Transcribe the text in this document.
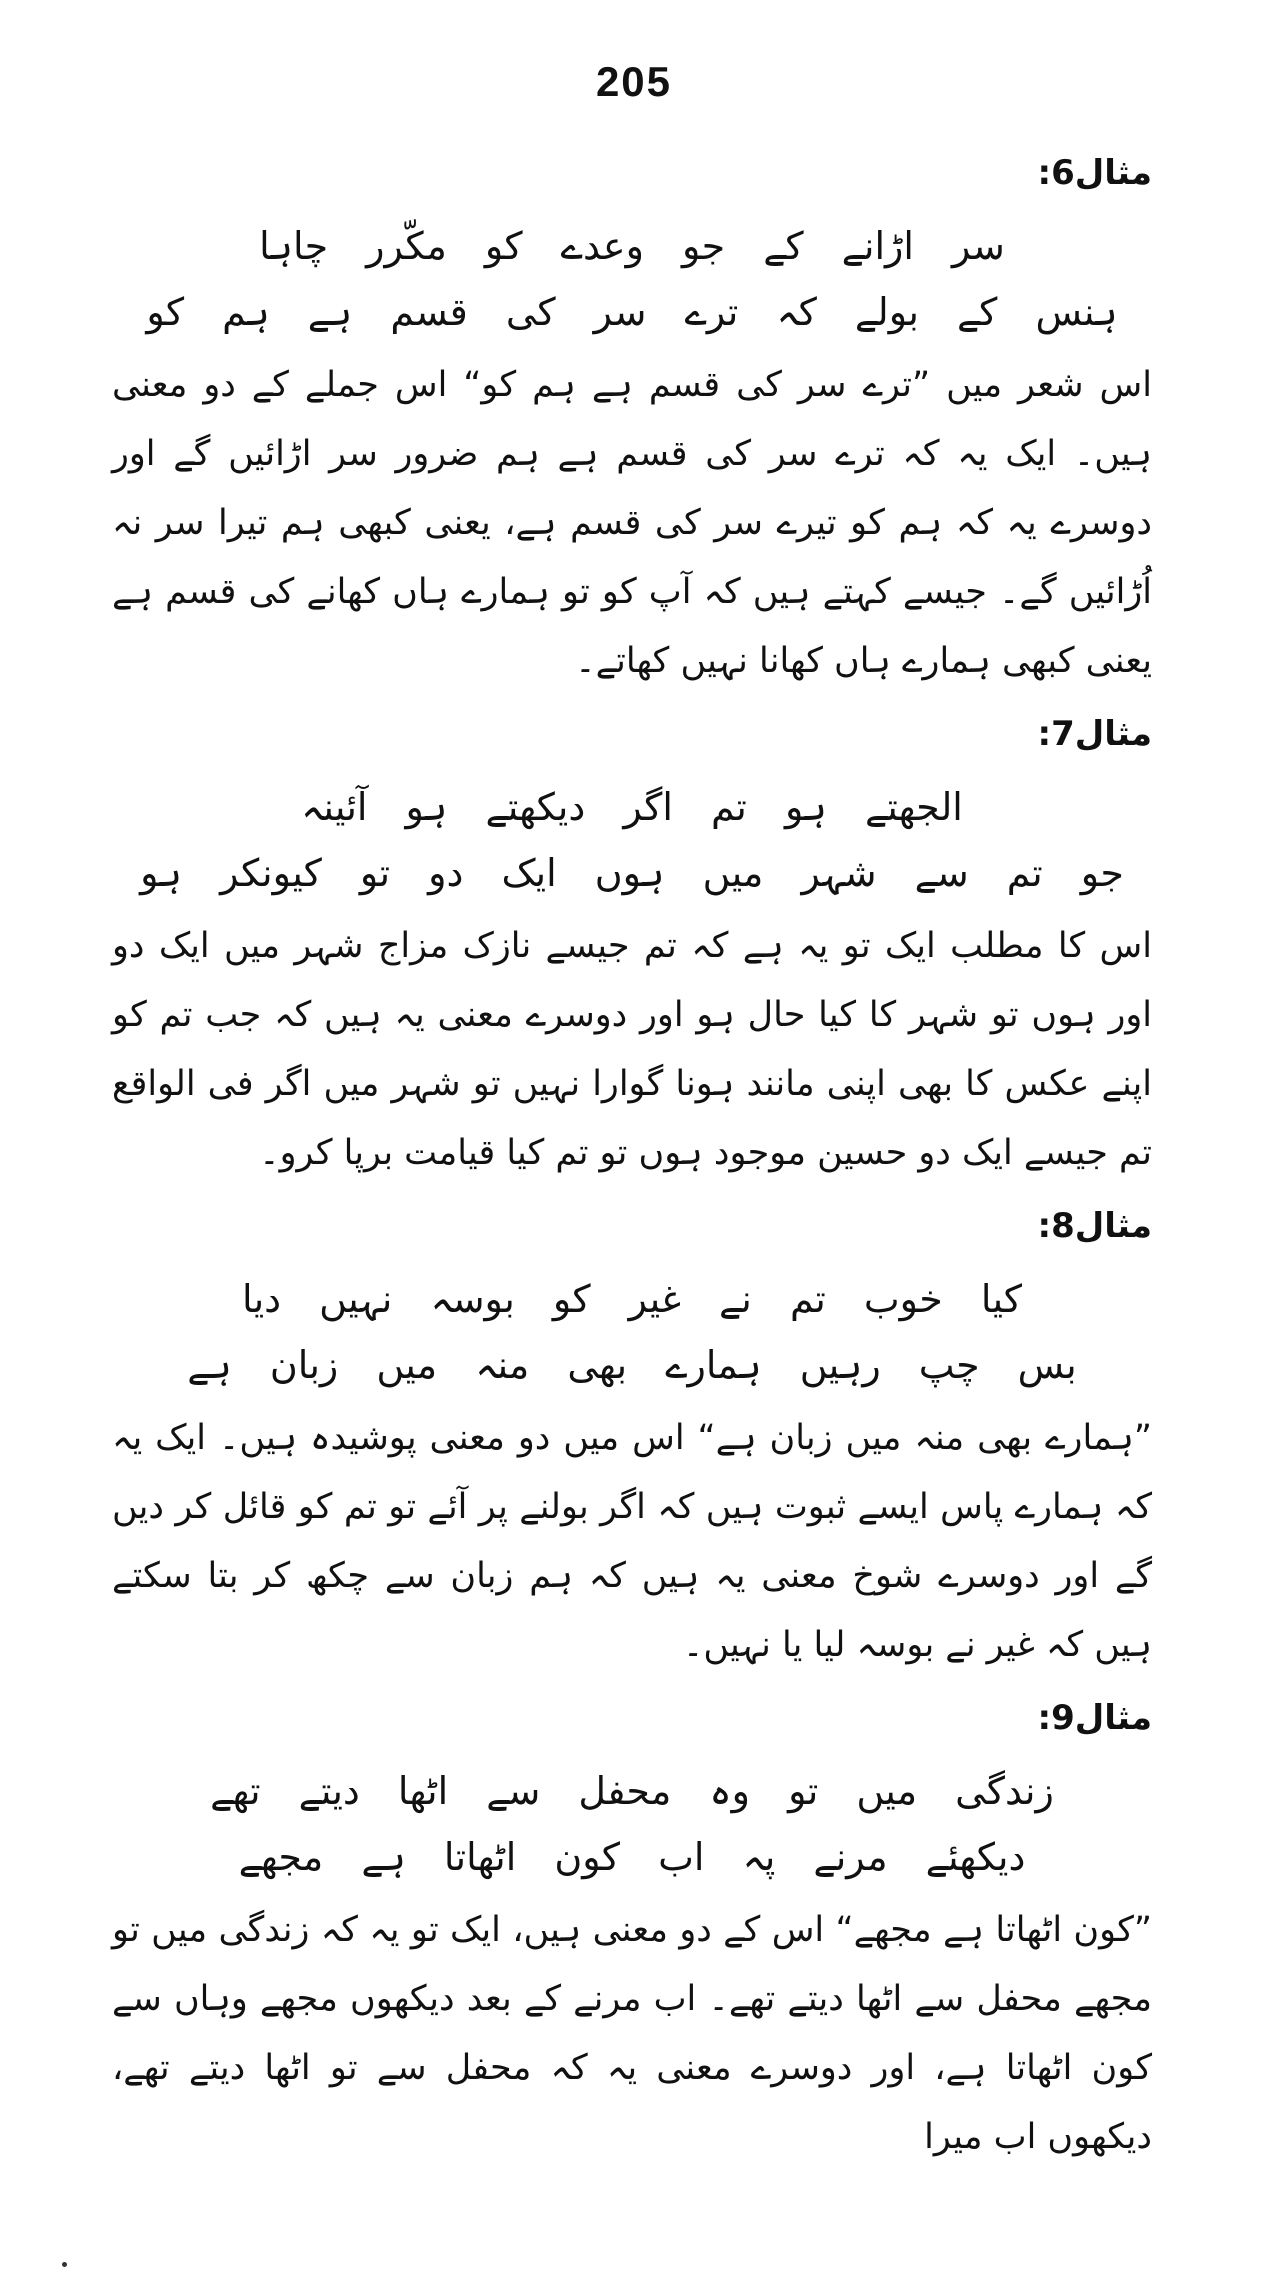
205
مثال6:
سر اڑانے کے جو وعدے کو مکّرر چاہا
ہنس کے بولے کہ ترے سر کی قسم ہے ہم کو

اس شعر میں ”ترے سر کی قسم ہے ہم کو“ اس جملے کے دو معنی ہیں۔ ایک یہ کہ ترے سر کی قسم ہے ہم ضرور سر اڑائیں گے اور دوسرے یہ کہ ہم کو تیرے سر کی قسم ہے، یعنی کبھی ہم تیرا سر نہ اُڑائیں گے۔ جیسے کہتے ہیں کہ آپ کو تو ہمارے ہاں کھانے کی قسم ہے یعنی کبھی ہمارے ہاں کھانا نہیں کھاتے۔

مثال7:
الجھتے ہو تم اگر دیکھتے ہو آئینہ
جو تم سے شہر میں ہوں ایک دو تو کیونکر ہو

اس کا مطلب ایک تو یہ ہے کہ تم جیسے نازک مزاج شہر میں ایک دو اور ہوں تو شہر کا کیا حال ہو اور دوسرے معنی یہ ہیں کہ جب تم کو اپنے عکس کا بھی اپنی مانند ہونا گوارا نہیں تو شہر میں اگر فی الواقع تم جیسے ایک دو حسین موجود ہوں تو تم کیا قیامت برپا کرو۔

مثال8:
کیا خوب تم نے غیر کو بوسہ نہیں دیا
بس چپ رہیں ہمارے بھی منہ میں زبان ہے

”ہمارے بھی منہ میں زبان ہے“ اس میں دو معنی پوشیدہ ہیں۔ ایک یہ کہ ہمارے پاس ایسے ثبوت ہیں کہ اگر بولنے پر آئے تو تم کو قائل کر دیں گے اور دوسرے شوخ معنی یہ ہیں کہ ہم زبان سے چکھ کر بتا سکتے ہیں کہ غیر نے بوسہ لیا یا نہیں۔

مثال9:
زندگی میں تو وہ محفل سے اٹھا دیتے تھے
دیکھئے مرنے پہ اب کون اٹھاتا ہے مجھے

”کون اٹھاتا ہے مجھے“ اس کے دو معنی ہیں، ایک تو یہ کہ زندگی میں تو مجھے محفل سے اٹھا دیتے تھے۔ اب مرنے کے بعد دیکھوں مجھے وہاں سے کون اٹھاتا ہے، اور دوسرے معنی یہ کہ محفل سے تو اٹھا دیتے تھے، دیکھوں اب میرا
